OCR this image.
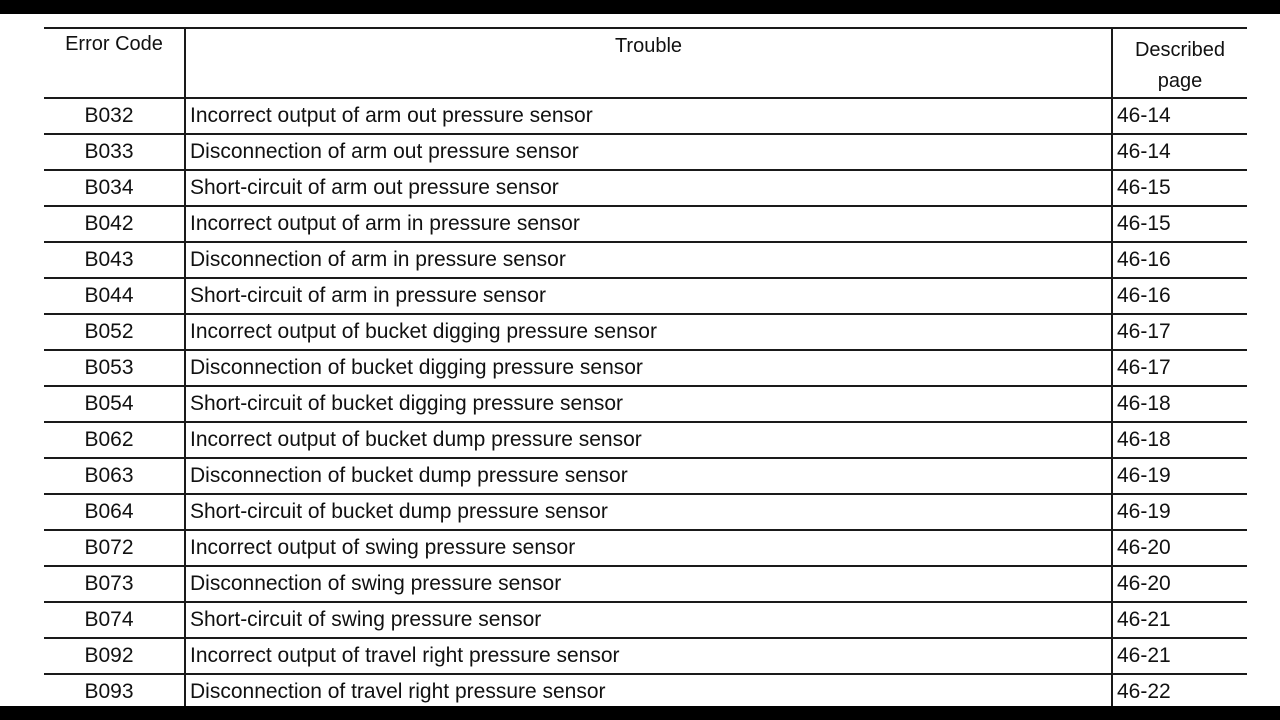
Error Code	Trouble	Described page
B032	Incorrect output of arm out pressure sensor	46-14
B033	Disconnection of arm out pressure sensor	46-14
B034	Short-circuit of arm out pressure sensor	46-15
B042	Incorrect output of arm in pressure sensor	46-15
B043	Disconnection of arm in pressure sensor	46-16
B044	Short-circuit of arm in pressure sensor	46-16
B052	Incorrect output of bucket digging pressure sensor	46-17
B053	Disconnection of bucket digging pressure sensor	46-17
B054	Short-circuit of bucket digging pressure sensor	46-18
B062	Incorrect output of bucket dump pressure sensor	46-18
B063	Disconnection of bucket dump pressure sensor	46-19
B064	Short-circuit of bucket dump pressure sensor	46-19
B072	Incorrect output of swing pressure sensor	46-20
B073	Disconnection of swing pressure sensor	46-20
B074	Short-circuit of swing pressure sensor	46-21
B092	Incorrect output of travel right pressure sensor	46-21
B093	Disconnection of travel right pressure sensor	46-22
